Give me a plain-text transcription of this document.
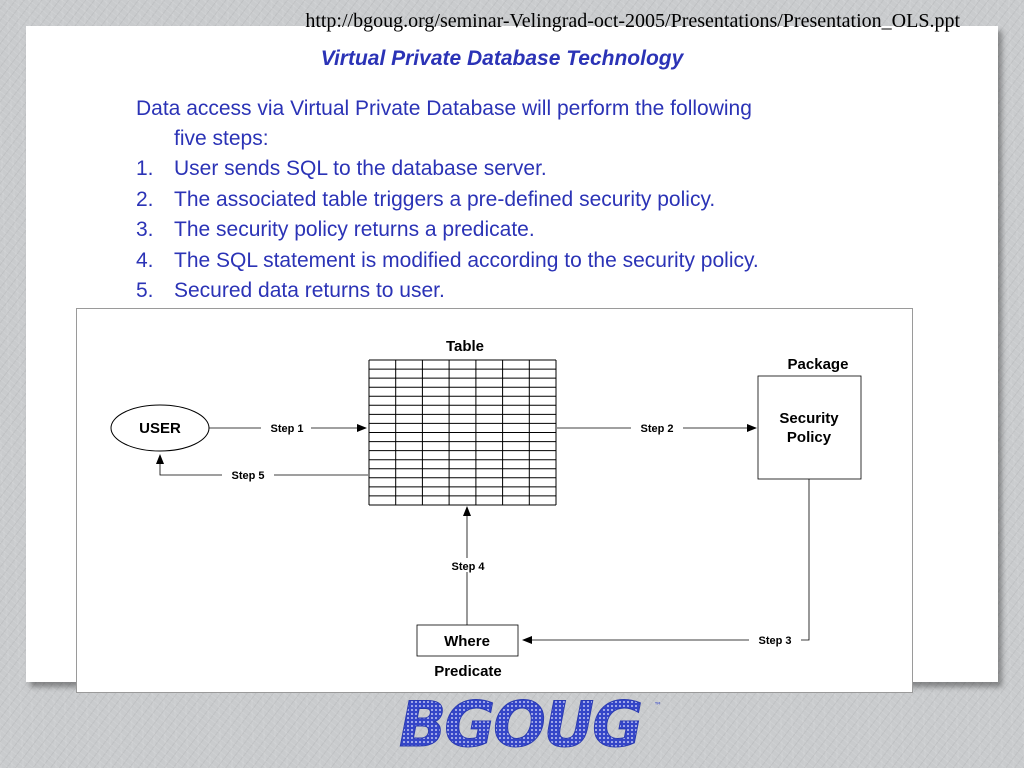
http://bgoug.org/seminar-Velingrad-oct-2005/Presentations/Presentation_OLS.ppt
Virtual Private Database Technology
Data access via Virtual Private Database will perform the following
five steps:
1. User sends SQL to the database server.
2. The associated table triggers a pre-defined security policy.
3. The security policy returns a predicate.
4. The SQL statement is modified according to the security policy.
5. Secured data returns to user.
Table
USER	Step 1
Step 5
Step 2
Package
Security
Policy
Step 3
Where
Predicate
Step 4
BGOUG ™
